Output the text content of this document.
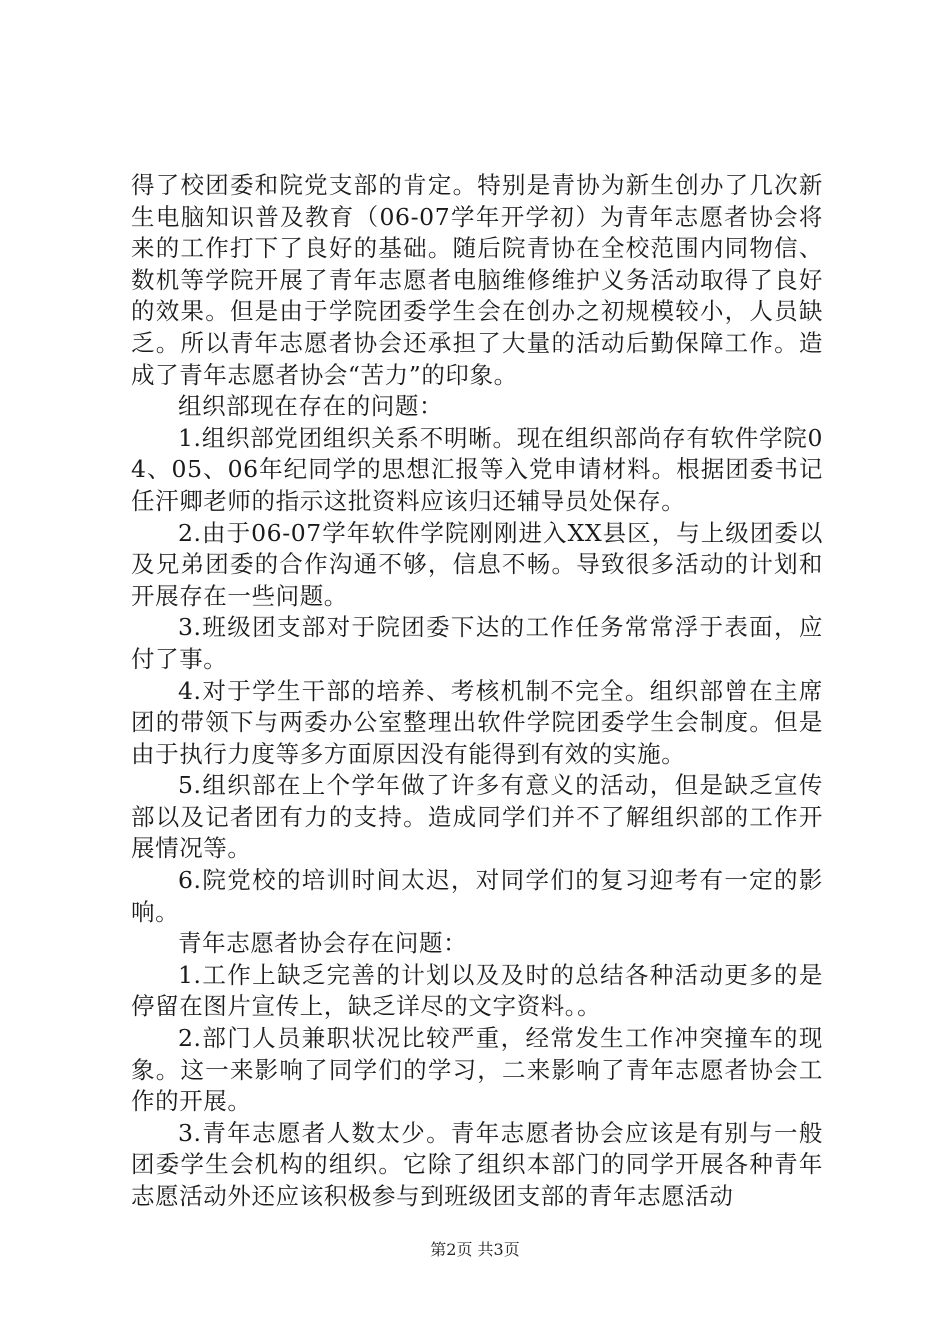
得了校团委和院党支部的肯定。特别是青协为新生创办了几次新生电脑知识普及教育（06-07学年开学初）为青年志愿者协会将来的工作打下了良好的基础。随后院青协在全校范围内同物信、数机等学院开展了青年志愿者电脑维修维护义务活动取得了良好的效果。但是由于学院团委学生会在创办之初规模较小，人员缺乏。所以青年志愿者协会还承担了大量的活动后勤保障工作。造成了青年志愿者协会“苦力”的印象。

组织部现在存在的问题：

1.组织部党团组织关系不明晰。现在组织部尚存有软件学院04、05、06年纪同学的思想汇报等入党申请材料。根据团委书记任汗卿老师的指示这批资料应该归还辅导员处保存。

2.由于06-07学年软件学院刚刚进入XX县区，与上级团委以及兄弟团委的合作沟通不够，信息不畅。导致很多活动的计划和开展存在一些问题。

3.班级团支部对于院团委下达的工作任务常常浮于表面，应付了事。

4.对于学生干部的培养、考核机制不完全。组织部曾在主席团的带领下与两委办公室整理出软件学院团委学生会制度。但是由于执行力度等多方面原因没有能得到有效的实施。

5.组织部在上个学年做了许多有意义的活动，但是缺乏宣传部以及记者团有力的支持。造成同学们并不了解组织部的工作开展情况等。

6.院党校的培训时间太迟，对同学们的复习迎考有一定的影响。

青年志愿者协会存在问题：

1.工作上缺乏完善的计划以及及时的总结各种活动更多的是停留在图片宣传上，缺乏详尽的文字资料。。

2.部门人员兼职状况比较严重，经常发生工作冲突撞车的现象。这一来影响了同学们的学习，二来影响了青年志愿者协会工作的开展。

3.青年志愿者人数太少。青年志愿者协会应该是有别与一般团委学生会机构的组织。它除了组织本部门的同学开展各种青年志愿活动外还应该积极参与到班级团支部的青年志愿活动

第2页 共3页
